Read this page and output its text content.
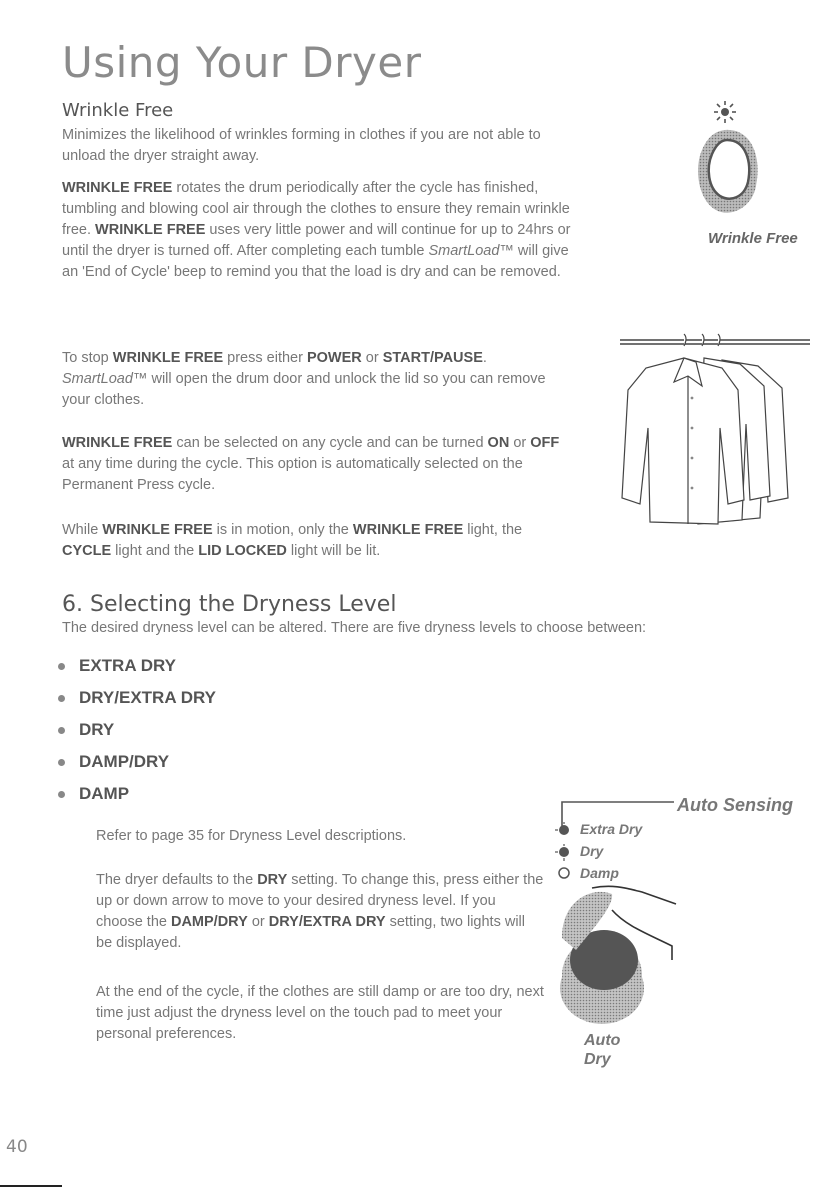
Using Your Dryer
Wrinkle Free

Minimizes the likelihood of wrinkles forming in clothes if you are not able to unload the dryer straight away.

WRINKLE FREE rotates the drum periodically after the cycle has finished, tumbling and blowing cool air through the clothes to ensure they remain wrinkle free. WRINKLE FREE uses very little power and will continue for up to 24hrs or until the dryer is turned off. After completing each tumble SmartLoad™ will give an 'End of Cycle' beep to remind you that the load is dry and can be removed.

To stop WRINKLE FREE press either POWER or START/PAUSE. SmartLoad™ will open the drum door and unlock the lid so you can remove your clothes.

WRINKLE FREE can be selected on any cycle and can be turned ON or OFF at any time during the cycle. This option is automatically selected on the Permanent Press cycle.

While WRINKLE FREE is in motion, only the WRINKLE FREE light, the CYCLE light and the LID LOCKED light will be lit.

Wrinkle Free
6. Selecting the Dryness Level

The desired dryness level can be altered. There are five dryness levels to choose between:

EXTRA DRY
DRY/EXTRA DRY
DRY
DAMP/DRY
DAMP

Refer to page 35 for Dryness Level descriptions.

The dryer defaults to the DRY setting. To change this, press either the up or down arrow to move to your desired dryness level. If you choose the DAMP/DRY or DRY/EXTRA DRY setting, two lights will be displayed.

At the end of the cycle, if the clothes are still damp or are too dry, next time just adjust the dryness level on the touch pad to meet your personal preferences.

Auto Sensing
Extra Dry
Dry
Damp
Auto
Dry
40
